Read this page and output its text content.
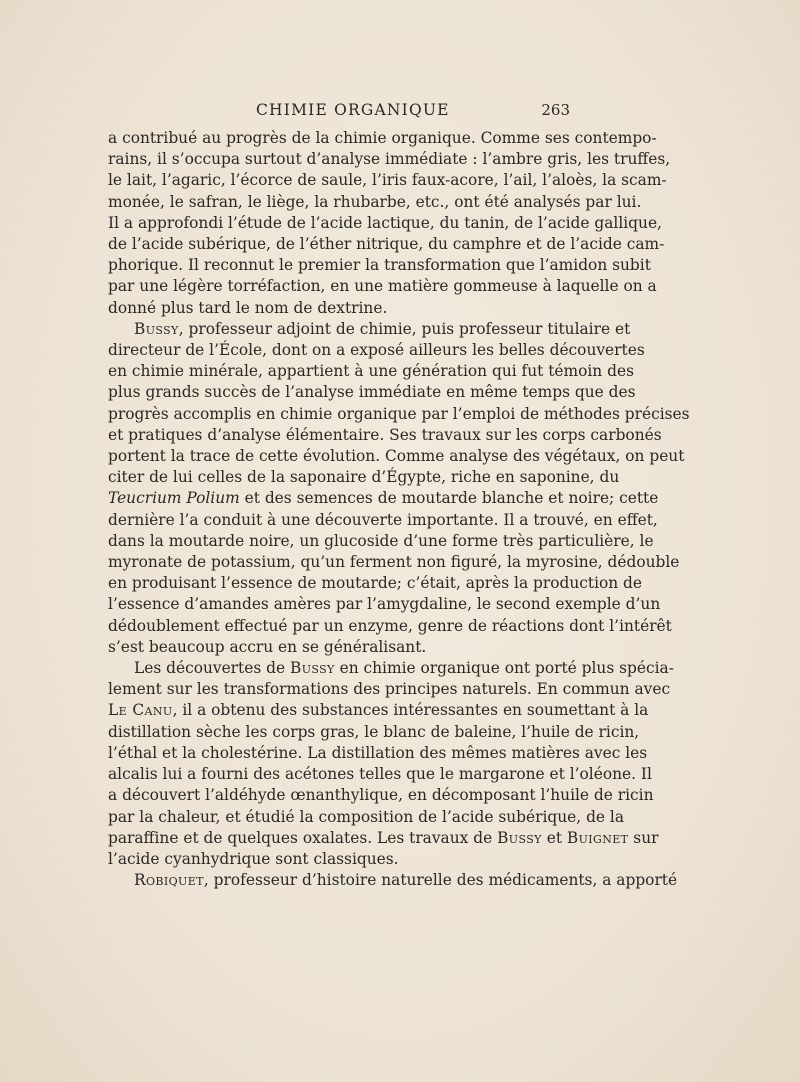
CHIMIE ORGANIQUE	263

a contribué au progrès de la chimie organique. Comme ses contempo-
rains, il s’occupa surtout d’analyse immédiate : l’ambre gris, les truffes,
le lait, l’agaric, l’écorce de saule, l’iris faux-acore, l’ail, l’aloès, la scam-
monée, le safran, le liège, la rhubarbe, etc., ont été analysés par lui.
Il a approfondi l’étude de l’acide lactique, du tanin, de l’acide gallique,
de l’acide subérique, de l’éther nitrique, du camphre et de l’acide cam-
phorique. Il reconnut le premier la transformation que l’amidon subit
par une légère torréfaction, en une matière gommeuse à laquelle on a
donné plus tard le nom de dextrine.

Bussy, professeur adjoint de chimie, puis professeur titulaire et
directeur de l’École, dont on a exposé ailleurs les belles découvertes
en chimie minérale, appartient à une génération qui fut témoin des
plus grands succès de l’analyse immédiate en même temps que des
progrès accomplis en chimie organique par l’emploi de méthodes précises
et pratiques d’analyse élémentaire. Ses travaux sur les corps carbonés
portent la trace de cette évolution. Comme analyse des végétaux, on peut
citer de lui celles de la saponaire d’Égypte, riche en saponine, du
Teucrium Polium et des semences de moutarde blanche et noire; cette
dernière l’a conduit à une découverte importante. Il a trouvé, en effet,
dans la moutarde noire, un glucoside d’une forme très particulière, le
myronate de potassium, qu’un ferment non figuré, la myrosine, dédouble
en produisant l’essence de moutarde; c’était, après la production de
l’essence d’amandes amères par l’amygdaline, le second exemple d’un
dédoublement effectué par un enzyme, genre de réactions dont l’intérêt
s’est beaucoup accru en se généralisant.

Les découvertes de Bussy en chimie organique ont porté plus spécia-
lement sur les transformations des principes naturels. En commun avec
Le Canu, il a obtenu des substances intéressantes en soumettant à la
distillation sèche les corps gras, le blanc de baleine, l’huile de ricin,
l’éthal et la cholestérine. La distillation des mêmes matières avec les
alcalis lui a fourni des acétones telles que le margarone et l’oléone. Il
a découvert l’aldéhyde œnanthylique, en décomposant l’huile de ricin
par la chaleur, et étudié la composition de l’acide subérique, de la
paraffine et de quelques oxalates. Les travaux de Bussy et Buignet sur
l’acide cyanhydrique sont classiques.

Robiquet, professeur d’histoire naturelle des médicaments, a apporté
